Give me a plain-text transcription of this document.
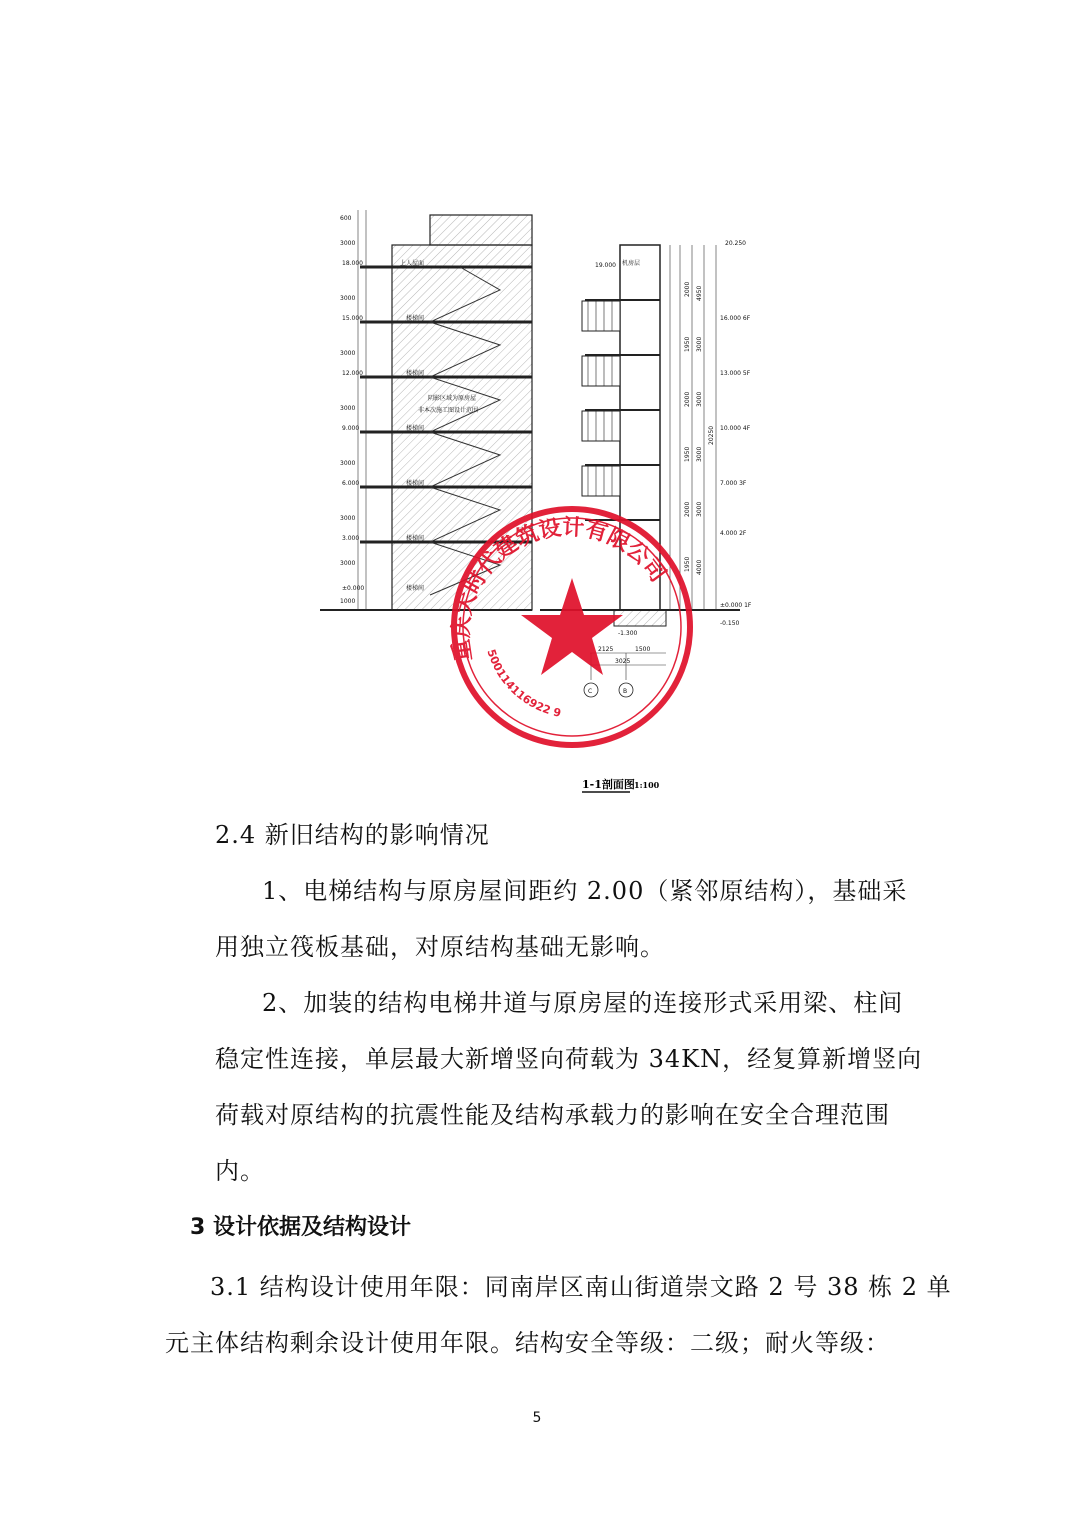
600
3000
3000
3000
3000
3000
3000
3000
1000
18.000
15.000
12.000
9.000
6.000
3.000
±0.000
上人屋面
楼梯间
楼梯间
楼梯间
楼梯间
楼梯间
楼梯间
阴影区域为原房屋
非本次施工图设计范围
机房层
-1.300
2000 4950
1950 3000
2000 3000
1950 3000
2000 3000
1950 4000
20250
20.250
19.000
16.000 6F
13.000 5F
10.000 4F
7.000 3F
4.000 2F
±0.000 1F
-0.150
2125
3025
1500
C	B
重庆大时代建筑设计有限公司
500114116922 9
1-1剖面图 1:100

2.4 新旧结构的影响情况

1、电梯结构与原房屋间距约 2.00（紧邻原结构），基础采

用独立筏板基础，对原结构基础无影响。

2、加装的结构电梯井道与原房屋的连接形式采用梁、柱间

稳定性连接，单层最大新增竖向荷载为 34KN，经复算新增竖向

荷载对原结构的抗震性能及结构承载力的影响在安全合理范围

内。

3 设计依据及结构设计

3.1 结构设计使用年限：同南岸区南山街道崇文路 2 号 38 栋 2 单

元主体结构剩余设计使用年限。结构安全等级：二级；耐火等级：

5
